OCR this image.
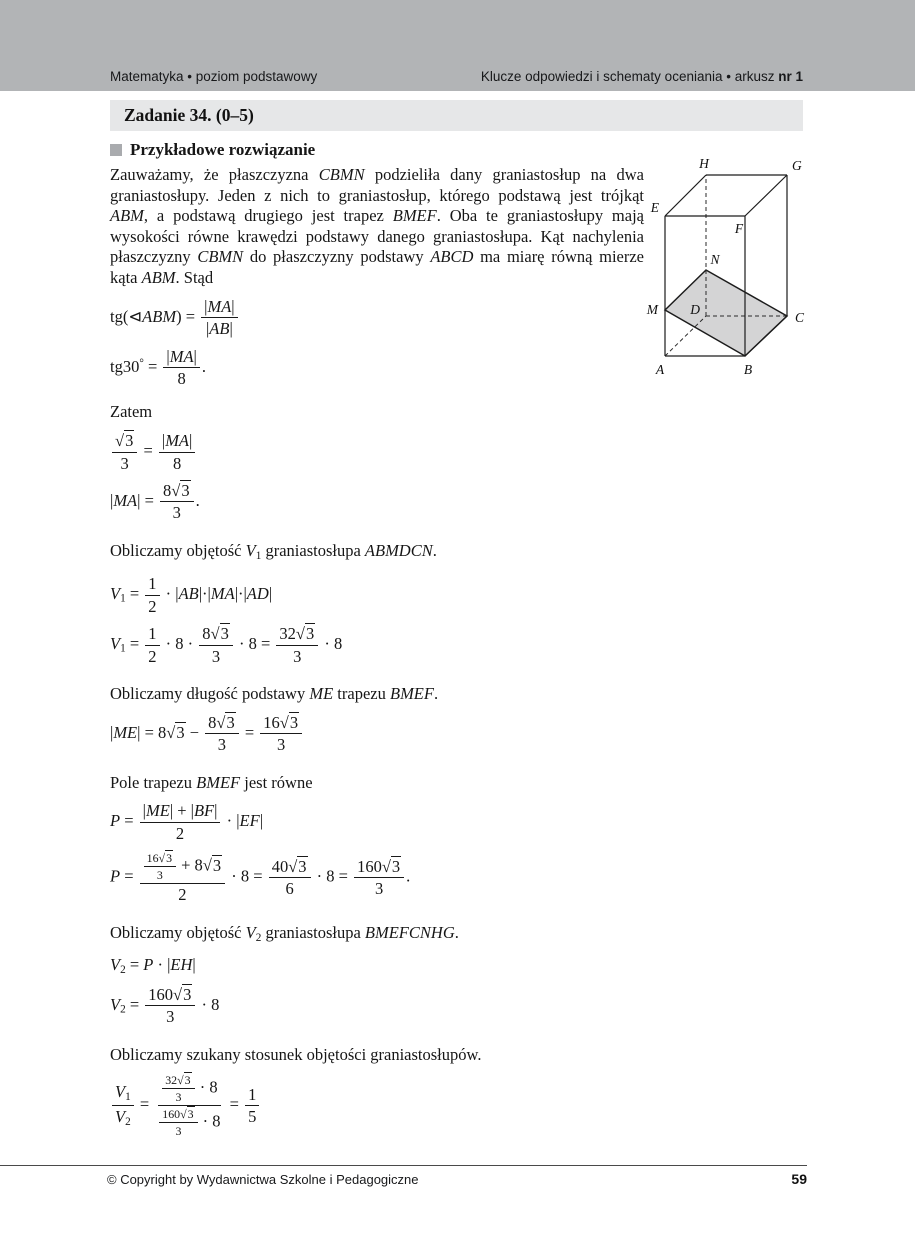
Matematyka • poziom podstawowy	Klucze odpowiedzi i schematy oceniania • arkusz nr 1
Zadanie 34. (0–5)
Przykładowe rozwiązanie
Zauważamy, że płaszczyzna CBMN podzieliła dany graniastosłup na dwa graniastosłupy. Jeden z nich to graniastosłup, którego podstawą jest trójkąt ABM, a podstawą drugiego jest trapez BMEF. Oba te graniastosłupy mają wysokości równe krawędzi podstawy danego graniastosłupa. Kąt nachylenia płaszczyzny CBMN do płaszczyzny podstawy ABCD ma miarę równą mierze kąta ABM. Stąd
tg(⊲ABM) = $\frac{|MA|}{|AB|}$
$tg30^\circ = \frac{|MA|}{8}$ .
Zatem
$\frac{√3}{3} = \frac{|MA|}{8}$
$|MA| = \frac{8√3}{3}$ .
Obliczamy objętość $V_1$ graniastosłupa ABMDCN.
$V_1 = \frac{1}{2} \cdot |AB|\cdot|MA|\cdot|AD|$
$V_1 = \frac{1}{2} \cdot 8 \cdot \frac{8√3}{3} \cdot 8 = \frac{32√3}{3} \cdot 8$
Obliczamy długość podstawy ME trapezu BMEF.
$|ME| = 8√3 - \frac{8√3}{3} = \frac{16√3}{3}$
Pole trapezu BMEF jest równe
$P = \frac{|ME| + |BF|}{2} \cdot |EF|$
$P = \frac{\frac{16√3}{3} + 8√3}{2} \cdot 8 = \frac{40√3}{6} \cdot 8 = \frac{160√3}{3}$ .
Obliczamy objętość $V_2$ graniastosłupa BMEFCNHG.
$V_2 = P \cdot |EH|$
$V_2 = \frac{160√3}{3} \cdot 8$
Obliczamy szukany stosunek objętości graniastosłupów.
$\frac{V_1}{V_2} = \frac{\frac{32√3}{3} \cdot 8}{\frac{160√3}{3} \cdot 8} = \frac{1}{5}$
A	B
C
D
E
F
G
H
M
N
© Copyright by Wydawnictwa Szkolne i Pedagogiczne	59
